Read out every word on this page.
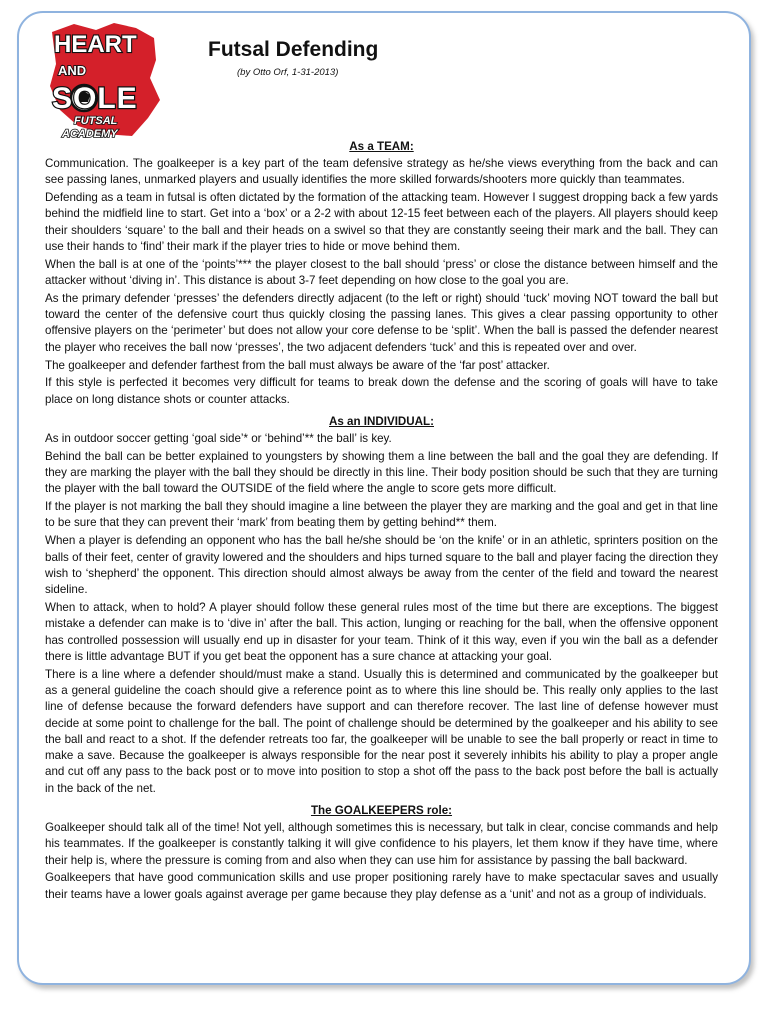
HEART
AND
SOLE
FUTSAL
ACADEMY
Futsal Defending
(by Otto Orf, 1-31-2013)
As a TEAM:

Communication. The goalkeeper is a key part of the team defensive strategy as he/she views everything from the back and can see passing lanes, unmarked players and usually identifies the more skilled forwards/shooters more quickly than teammates.

Defending as a team in futsal is often dictated by the formation of the attacking team. However I suggest dropping back a few yards behind the midfield line to start. Get into a ‘box’ or a 2-2 with about 12-15 feet between each of the players. All players should keep their shoulders ‘square’ to the ball and their heads on a swivel so that they are constantly seeing their mark and the ball. They can use their hands to ‘find’ their mark if the player tries to hide or move behind them.

When the ball is at one of the ‘points’*** the player closest to the ball should ‘press’ or close the distance between himself and the attacker without ‘diving in’. This distance is about 3-7 feet depending on how close to the goal you are.

As the primary defender ‘presses’ the defenders directly adjacent (to the left or right) should ‘tuck’ moving NOT toward the ball but toward the center of the defensive court thus quickly closing the passing lanes. This gives a clear passing opportunity to other offensive players on the ‘perimeter’ but does not allow your core defense to be ‘split’. When the ball is passed the defender nearest the player who receives the ball now ‘presses’, the two adjacent defenders ‘tuck’ and this is repeated over and over.

The goalkeeper and defender farthest from the ball must always be aware of the ‘far post’ attacker.

If this style is perfected it becomes very difficult for teams to break down the defense and the scoring of goals will have to take place on long distance shots or counter attacks.

As an INDIVIDUAL:

As in outdoor soccer getting ‘goal side’* or ‘behind’** the ball’ is key.

Behind the ball can be better explained to youngsters by showing them a line between the ball and the goal they are defending. If they are marking the player with the ball they should be directly in this line. Their body position should be such that they are turning the player with the ball toward the OUTSIDE of the field where the angle to score gets more difficult.

If the player is not marking the ball they should imagine a line between the player they are marking and the goal and get in that line to be sure that they can prevent their ‘mark’ from beating them by getting behind** them.

When a player is defending an opponent who has the ball he/she should be ‘on the knife’ or in an athletic, sprinters position on the balls of their feet, center of gravity lowered and the shoulders and hips turned square to the ball and player facing the direction they wish to ‘shepherd’ the opponent. This direction should almost always be away from the center of the field and toward the nearest sideline.

When to attack, when to hold? A player should follow these general rules most of the time but there are exceptions. The biggest mistake a defender can make is to ‘dive in’ after the ball. This action, lunging or reaching for the ball, when the offensive opponent has controlled possession will usually end up in disaster for your team. Think of it this way, even if you win the ball as a defender there is little advantage BUT if you get beat the opponent has a sure chance at attacking your goal.

There is a line where a defender should/must make a stand. Usually this is determined and communicated by the goalkeeper but as a general guideline the coach should give a reference point as to where this line should be. This really only applies to the last line of defense because the forward defenders have support and can therefore recover. The last line of defense however must decide at some point to challenge for the ball. The point of challenge should be determined by the goalkeeper and his ability to see the ball and react to a shot. If the defender retreats too far, the goalkeeper will be unable to see the ball properly or react in time to make a save. Because the goalkeeper is always responsible for the near post it severely inhibits his ability to play a proper angle and cut off any pass to the back post or to move into position to stop a shot off the pass to the back post before the ball is actually in the back of the net.

The GOALKEEPERS role:

Goalkeeper should talk all of the time! Not yell, although sometimes this is necessary, but talk in clear, concise commands and help his teammates. If the goalkeeper is constantly talking it will give confidence to his players, let them know if they have time, where their help is, where the pressure is coming from and also when they can use him for assistance by passing the ball backward.

Goalkeepers that have good communication skills and use proper positioning rarely have to make spectacular saves and usually their teams have a lower goals against average per game because they play defense as a ‘unit’ and not as a group of individuals.
